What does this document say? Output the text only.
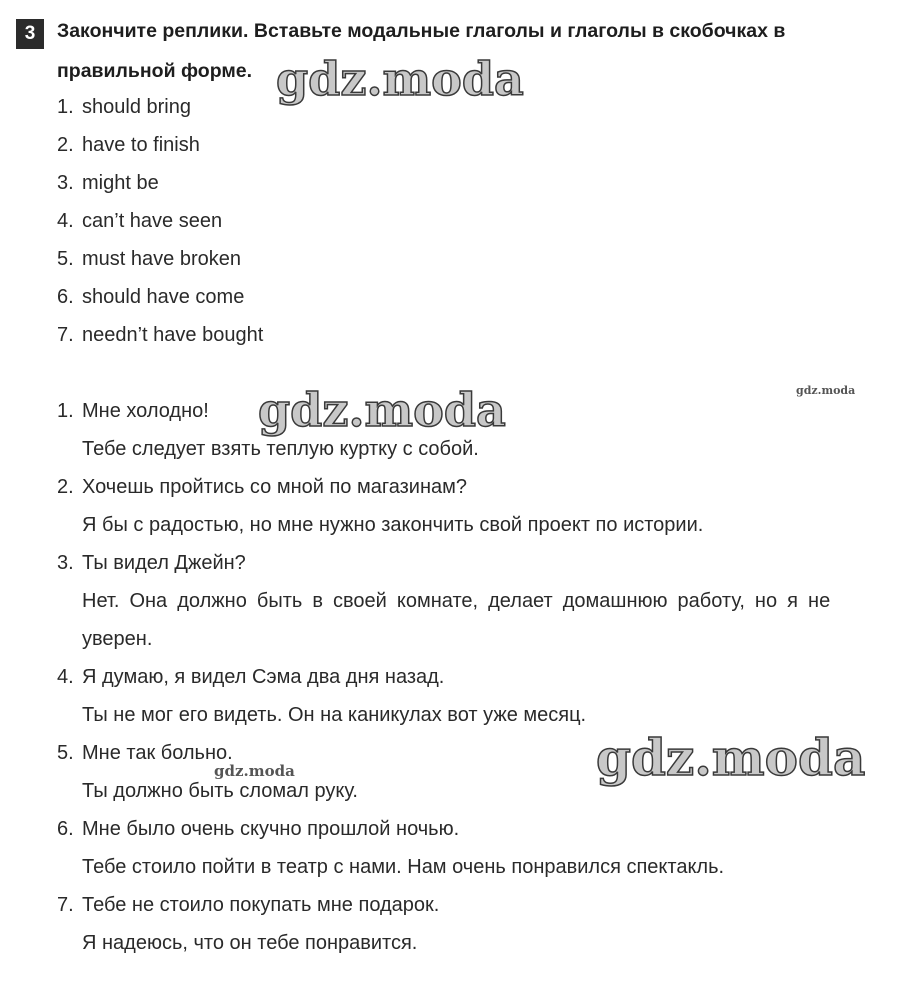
3	Закончите реплики. Вставьте модальные глаголы и глаголы в скобочках в
правильной форме.
1. should bring
2. have to finish
3. might be
4. can’t have seen
5. must have broken
6. should have come
7. needn’t have bought
1. Мне холодно!
Тебе следует взять теплую куртку с собой.
2. Хочешь пройтись со мной по магазинам?
Я бы с радостью, но мне нужно закончить свой проект по истории.
3. Ты видел Джейн?
Нет. Она должно быть в своей комнате, делает домашнюю работу, но я не
уверен.
4. Я думаю, я видел Сэма два дня назад.
Ты не мог его видеть. Он на каникулах вот уже месяц.
5. Мне так больно.
Ты должно быть сломал руку.
6. Мне было очень скучно прошлой ночью.
Тебе стоило пойти в театр с нами. Нам очень понравился спектакль.
7. Тебе не стоило покупать мне подарок.
Я надеюсь, что он тебе понравится.
gdz.moda
gdz.moda
gdz.moda
gdz.moda
gdz.moda
